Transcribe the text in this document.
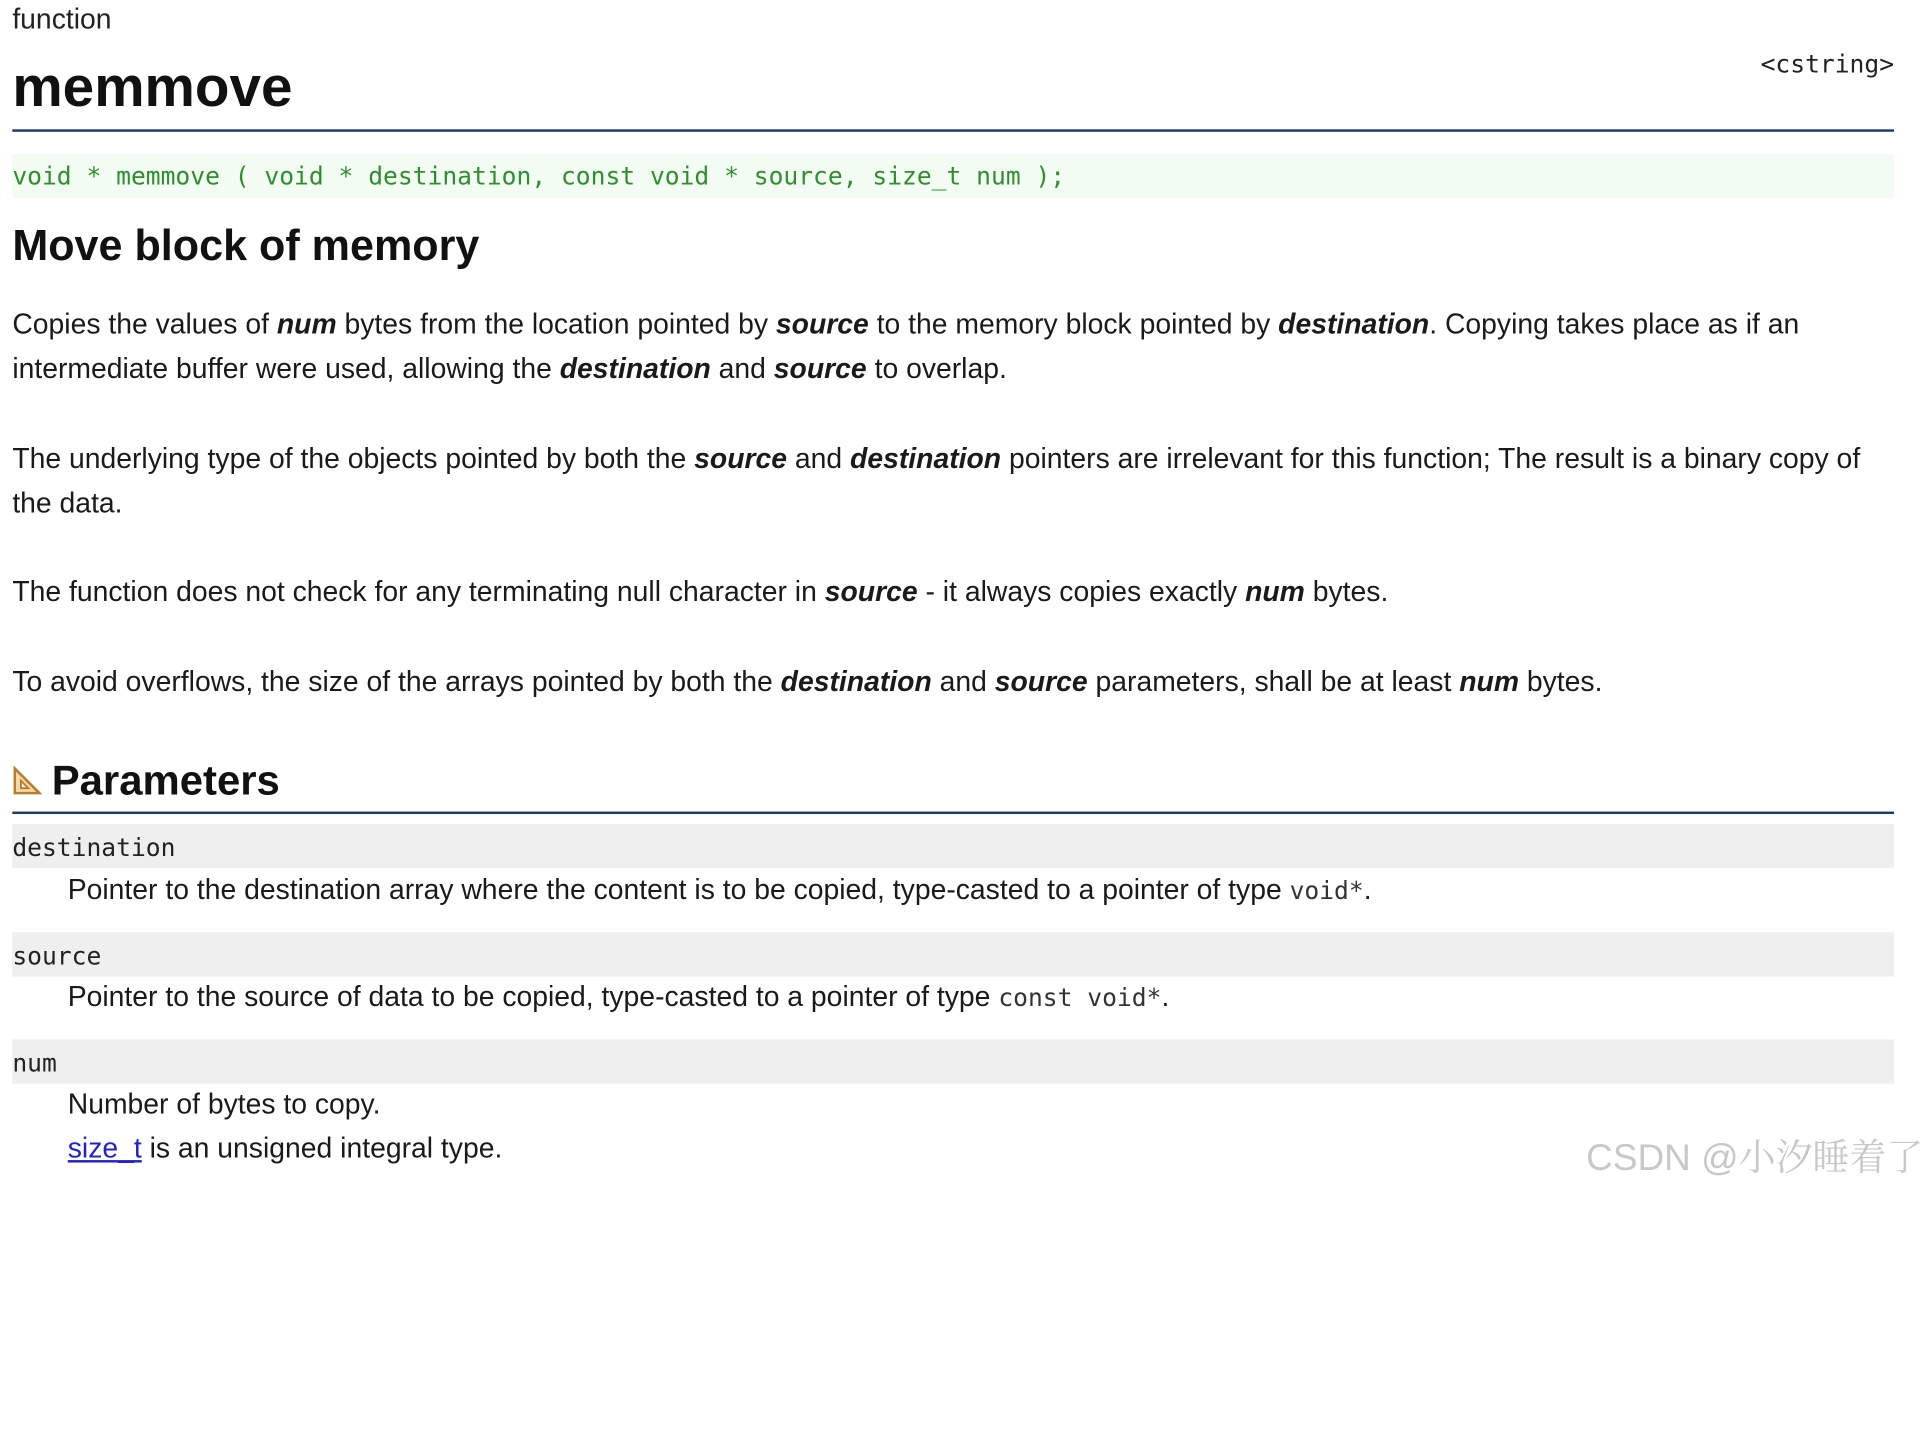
function
<cstring>
memmove
void * memmove ( void * destination, const void * source, size_t num );
Move block of memory

Copies the values of num bytes from the location pointed by source to the memory block pointed by destination. Copying takes place as if an intermediate buffer were used, allowing the destination and source to overlap.

The underlying type of the objects pointed by both the source and destination pointers are irrelevant for this function; The result is a binary copy of the data.

The function does not check for any terminating null character in source - it always copies exactly num bytes.

To avoid overflows, the size of the arrays pointed by both the destination and source parameters, shall be at least num bytes.

Parameters
destination
Pointer to the destination array where the content is to be copied, type-casted to a pointer of type void*.
source
Pointer to the source of data to be copied, type-casted to a pointer of type const void*.
num
Number of bytes to copy.
size_t is an unsigned integral type.	CSDN @小汐睡着了
